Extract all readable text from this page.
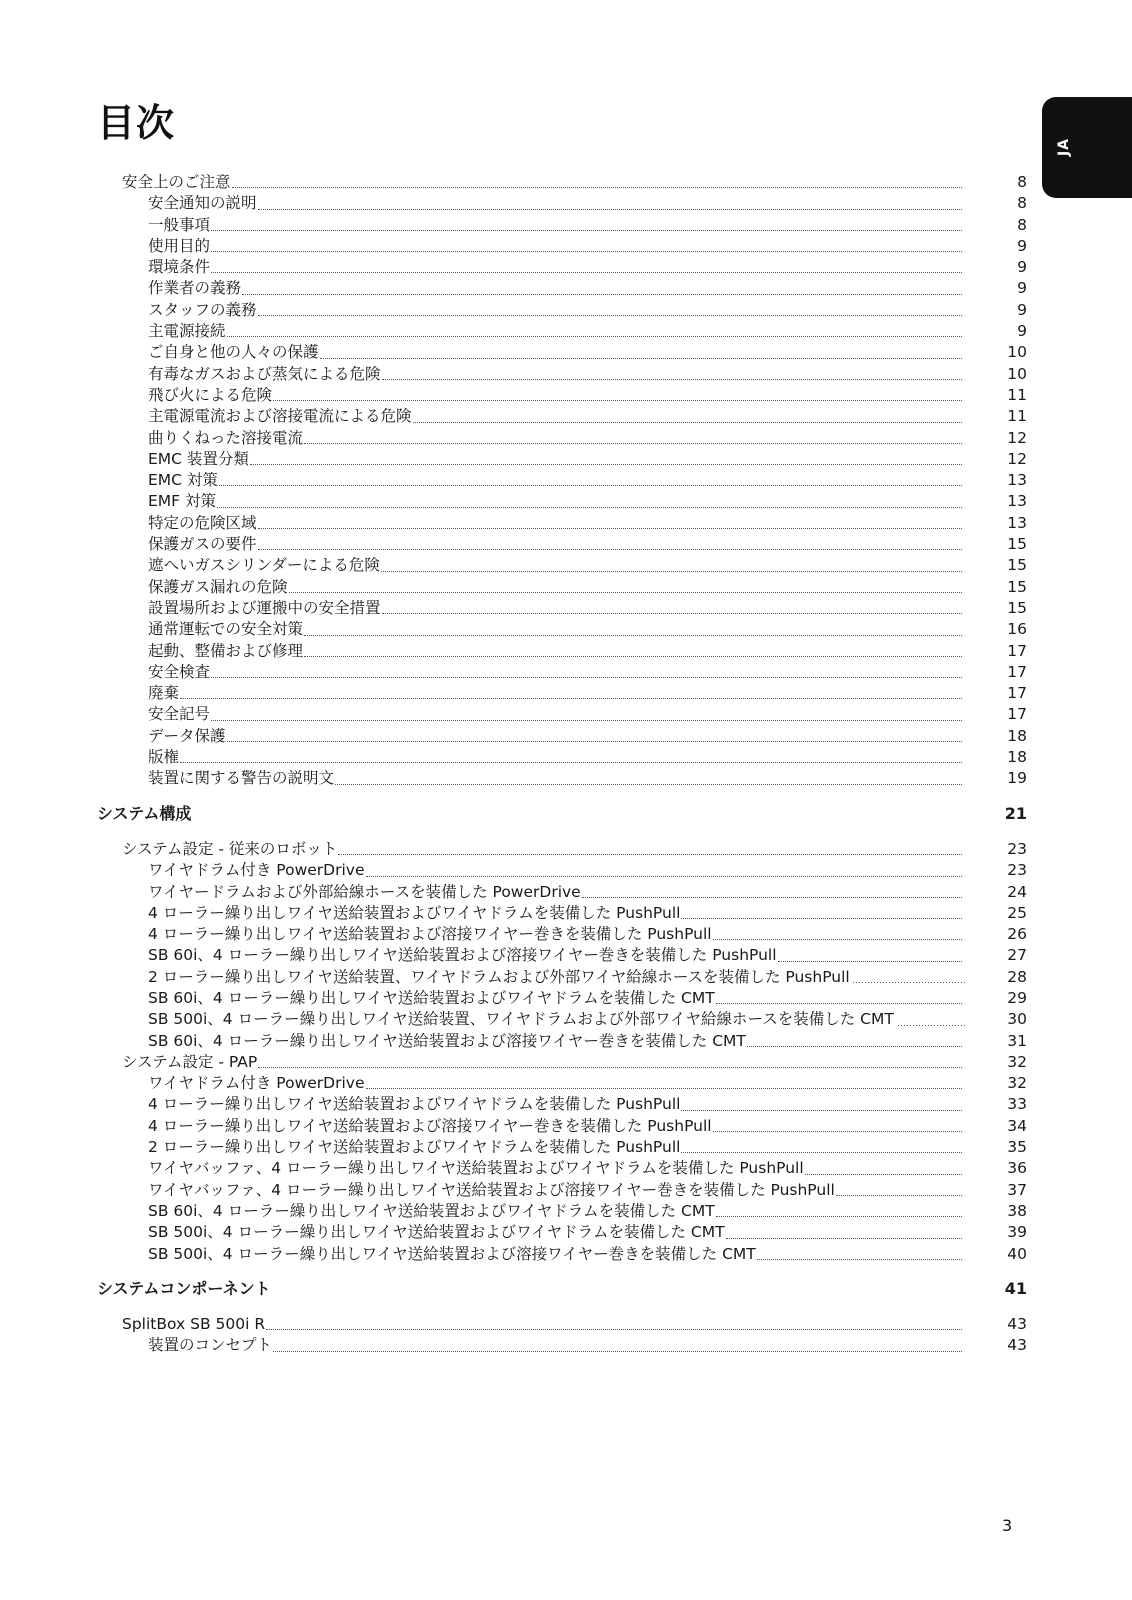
目次
JA
安全上のご注意	8
安全通知の説明	8
一般事項	8
使用目的	9
環境条件	9
作業者の義務	9
スタッフの義務	9
主電源接続	9
ご自身と他の人々の保護	10
有毒なガスおよび蒸気による危険	10
飛び火による危険	11
主電源電流および溶接電流による危険	11
曲りくねった溶接電流	12
EMC 装置分類	12
EMC 対策	13
EMF 対策	13
特定の危険区域	13
保護ガスの要件	15
遮へいガスシリンダーによる危険	15
保護ガス漏れの危険	15
設置場所および運搬中の安全措置	15
通常運転での安全対策	16
起動、整備および修理	17
安全検査	17
廃棄	17
安全記号	17
データ保護	18
版権	18
装置に関する警告の説明文	19
システム構成	21
システム設定 - 従来のロボット	23
ワイヤドラム付き PowerDrive	23
ワイヤードラムおよび外部給線ホースを装備した PowerDrive	24
4 ローラー繰り出しワイヤ送給装置およびワイヤドラムを装備した PushPull	25
4 ローラー繰り出しワイヤ送給装置および溶接ワイヤー巻きを装備した PushPull	26
SB 60i、4 ローラー繰り出しワイヤ送給装置および溶接ワイヤー巻きを装備した PushPull	27
2 ローラー繰り出しワイヤ送給装置、ワイヤドラムおよび外部ワイヤ給線ホースを装備した PushPull	28
SB 60i、4 ローラー繰り出しワイヤ送給装置およびワイヤドラムを装備した CMT	29
SB 500i、4 ローラー繰り出しワイヤ送給装置、ワイヤドラムおよび外部ワイヤ給線ホースを装備した CMT	30
SB 60i、4 ローラー繰り出しワイヤ送給装置および溶接ワイヤー巻きを装備した CMT	31
システム設定 - PAP	32
ワイヤドラム付き PowerDrive	32
4 ローラー繰り出しワイヤ送給装置およびワイヤドラムを装備した PushPull	33
4 ローラー繰り出しワイヤ送給装置および溶接ワイヤー巻きを装備した PushPull	34
2 ローラー繰り出しワイヤ送給装置およびワイヤドラムを装備した PushPull	35
ワイヤバッファ、4 ローラー繰り出しワイヤ送給装置およびワイヤドラムを装備した PushPull	36
ワイヤバッファ、4 ローラー繰り出しワイヤ送給装置および溶接ワイヤー巻きを装備した PushPull	37
SB 60i、4 ローラー繰り出しワイヤ送給装置およびワイヤドラムを装備した CMT	38
SB 500i、4 ローラー繰り出しワイヤ送給装置およびワイヤドラムを装備した CMT	39
SB 500i、4 ローラー繰り出しワイヤ送給装置および溶接ワイヤー巻きを装備した CMT	40
システムコンポーネント	41
SplitBox SB 500i R	43
装置のコンセプト	43
3
